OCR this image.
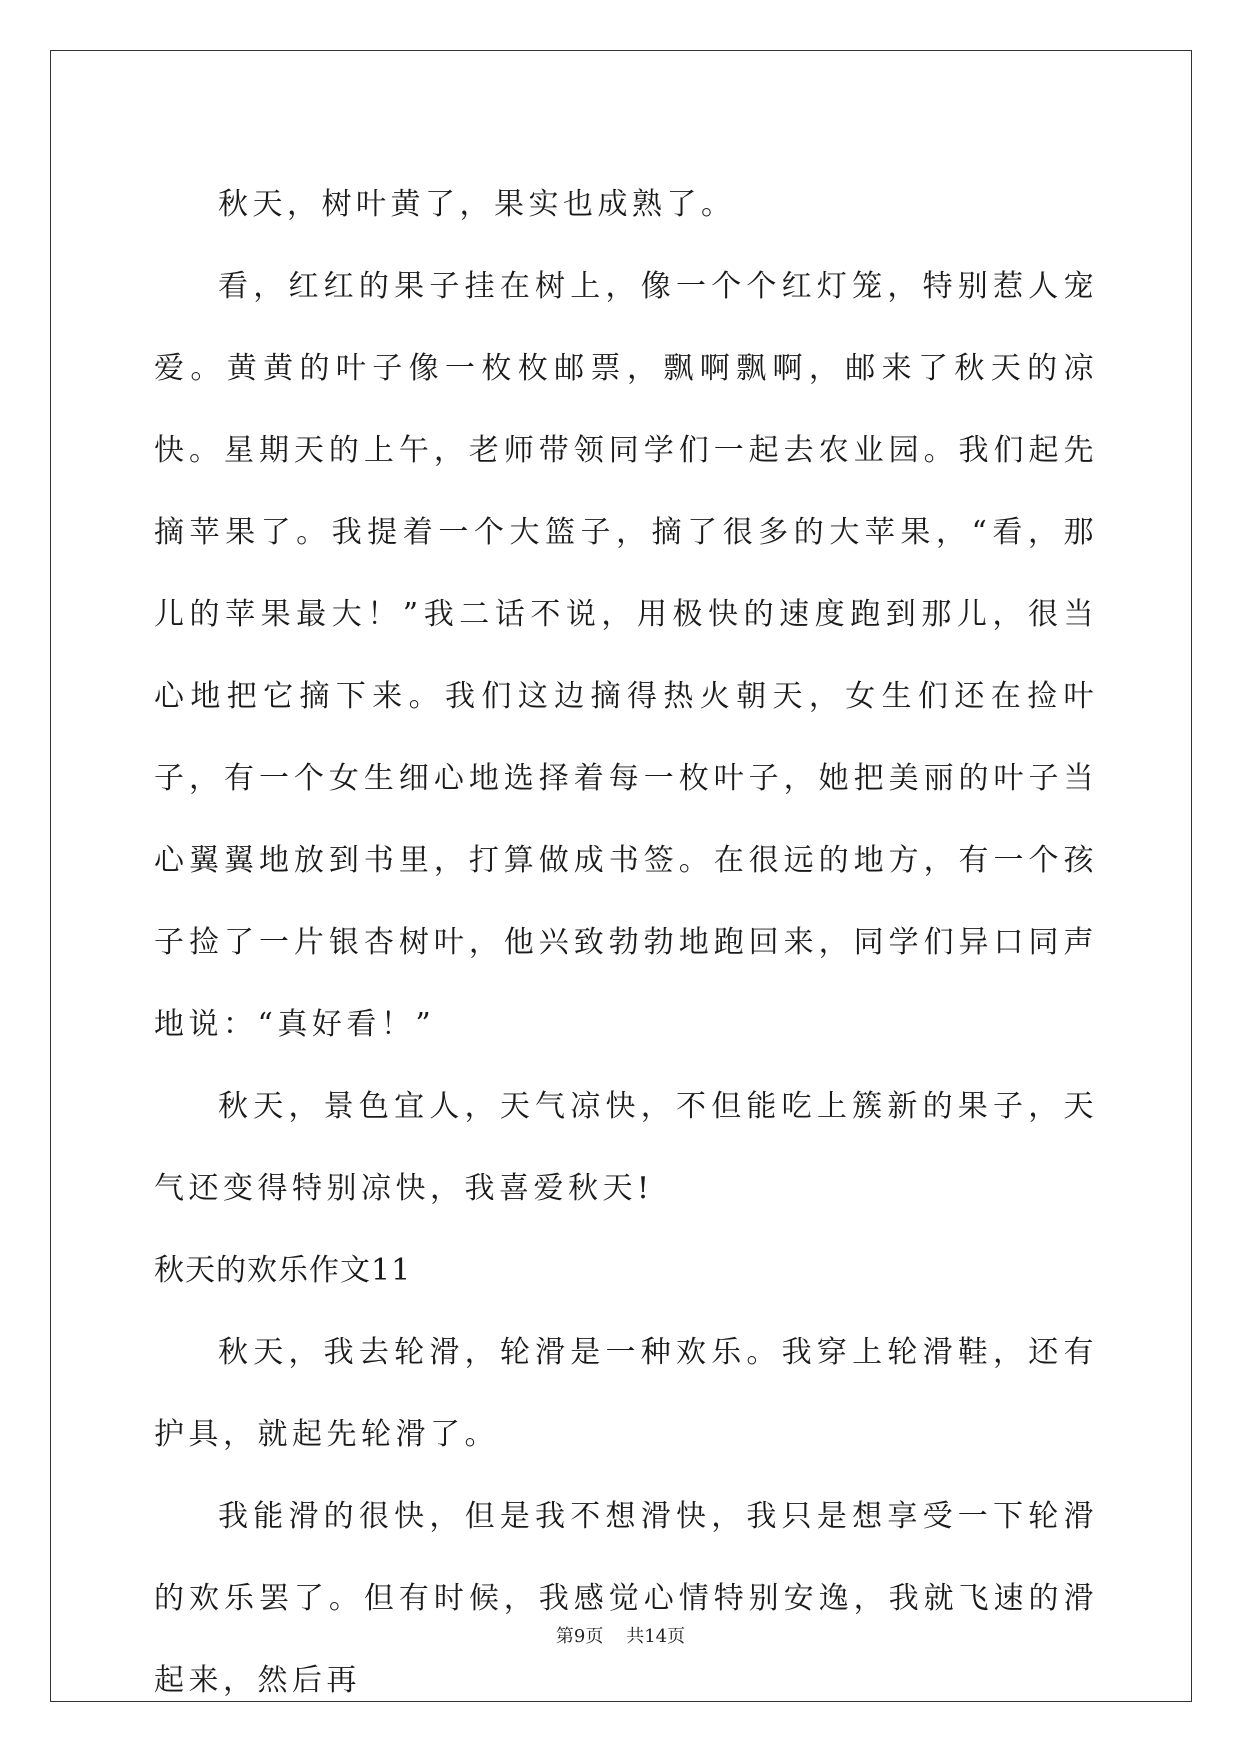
秋天，树叶黄了，果实也成熟了。

看，红红的果子挂在树上，像一个个红灯笼，特别惹人宠爱。黄黄的叶子像一枚枚邮票，飘啊飘啊，邮来了秋天的凉快。星期天的上午，老师带领同学们一起去农业园。我们起先摘苹果了。我提着一个大篮子，摘了很多的大苹果，“看，那儿的苹果最大！”我二话不说，用极快的速度跑到那儿，很当心地把它摘下来。我们这边摘得热火朝天，女生们还在捡叶子，有一个女生细心地选择着每一枚叶子，她把美丽的叶子当心翼翼地放到书里，打算做成书签。在很远的地方，有一个孩子捡了一片银杏树叶，他兴致勃勃地跑回来，同学们异口同声地说：“真好看！”

秋天，景色宜人，天气凉快，不但能吃上簇新的果子，天气还变得特别凉快，我喜爱秋天!

秋天的欢乐作文11

秋天，我去轮滑，轮滑是一种欢乐。我穿上轮滑鞋，还有护具，就起先轮滑了。

我能滑的很快，但是我不想滑快，我只是想享受一下轮滑的欢乐罢了。但有时候，我感觉心情特别安逸，我就飞速的滑起来，然后再

第9页 共14页
